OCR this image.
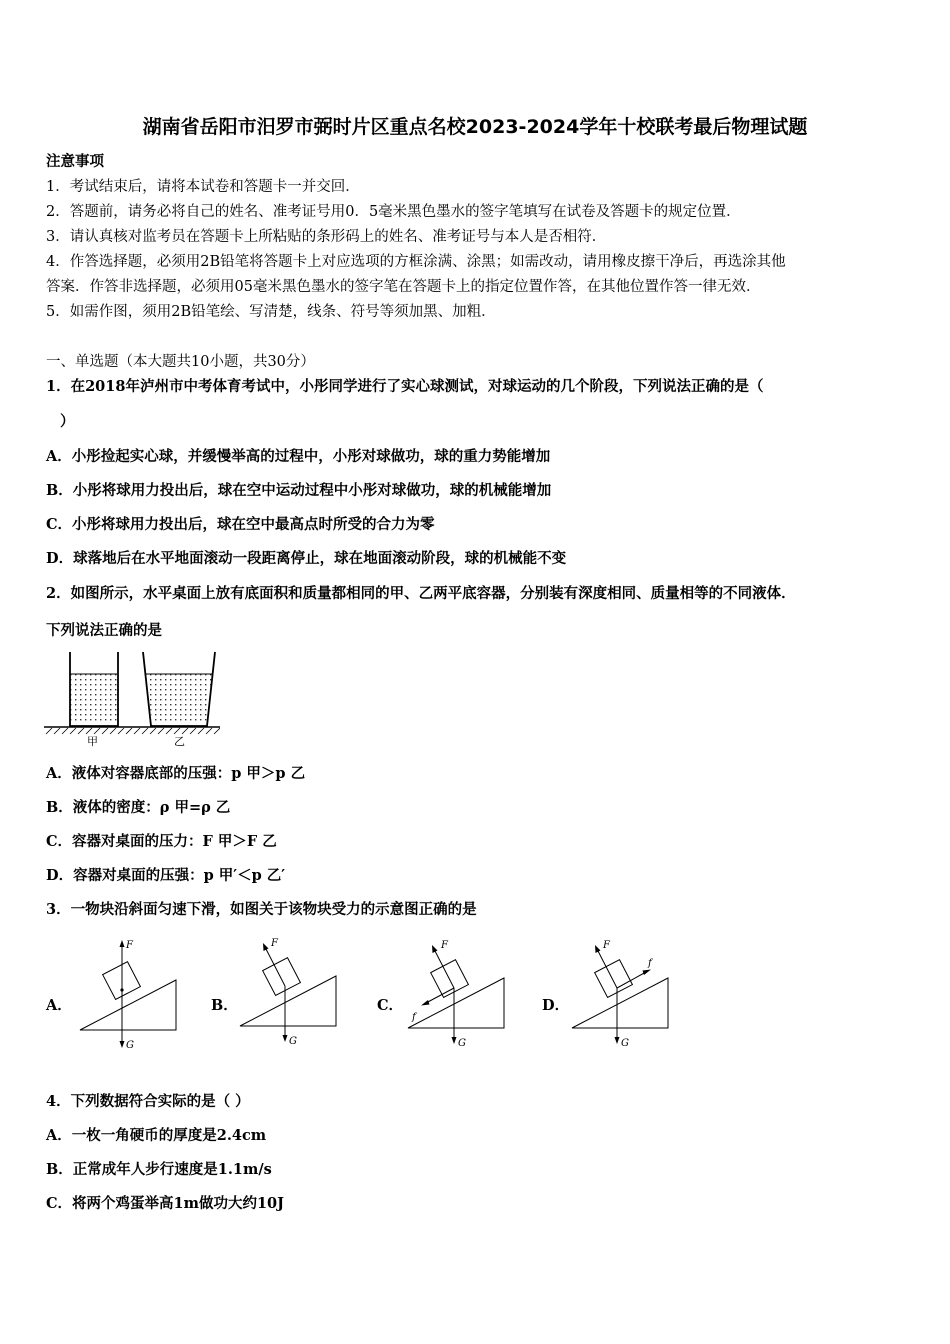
湖南省岳阳市汨罗市弼时片区重点名校2023-2024学年十校联考最后物理试题
注意事项
1．考试结束后，请将本试卷和答题卡一并交回．
2．答题前，请务必将自己的姓名、准考证号用0．5毫米黑色墨水的签字笔填写在试卷及答题卡的规定位置．
3．请认真核对监考员在答题卡上所粘贴的条形码上的姓名、准考证号与本人是否相符．
4．作答选择题，必须用2B铅笔将答题卡上对应选项的方框涂满、涂黑；如需改动，请用橡皮擦干净后，再选涂其他
答案．作答非选择题，必须用05毫米黑色墨水的签字笔在答题卡上的指定位置作答，在其他位置作答一律无效．
5．如需作图，须用2B铅笔绘、写清楚，线条、符号等须加黑、加粗．
一、单选题（本大题共10小题，共30分）
1．在2018年泸州市中考体育考试中，小彤同学进行了实心球测试，对球运动的几个阶段，下列说法正确的是（
）
A．小彤捡起实心球，并缓慢举高的过程中，小彤对球做功，球的重力势能增加
B．小彤将球用力投出后，球在空中运动过程中小彤对球做功，球的机械能增加
C．小彤将球用力投出后，球在空中最高点时所受的合力为零
D．球落地后在水平地面滚动一段距离停止，球在地面滚动阶段，球的机械能不变
2．如图所示，水平桌面上放有底面积和质量都相同的甲、乙两平底容器，分别装有深度相同、质量相等的不同液体．
下列说法正确的是
甲	乙
A．液体对容器底部的压强：p 甲＞p 乙
B．液体的密度：ρ 甲=ρ 乙
C．容器对桌面的压力：F 甲＞F 乙
D．容器对桌面的压强：p 甲′＜p 乙′
3．一物块沿斜面匀速下滑，如图关于该物块受力的示意图正确的是
A．	B．	C．	D．
F
G
F
G
F
G
f
F
G
f
4．下列数据符合实际的是（ ）
A．一枚一角硬币的厚度是2.4cm
B．正常成年人步行速度是1.1m/s
C．将两个鸡蛋举高1m做功大约10J
